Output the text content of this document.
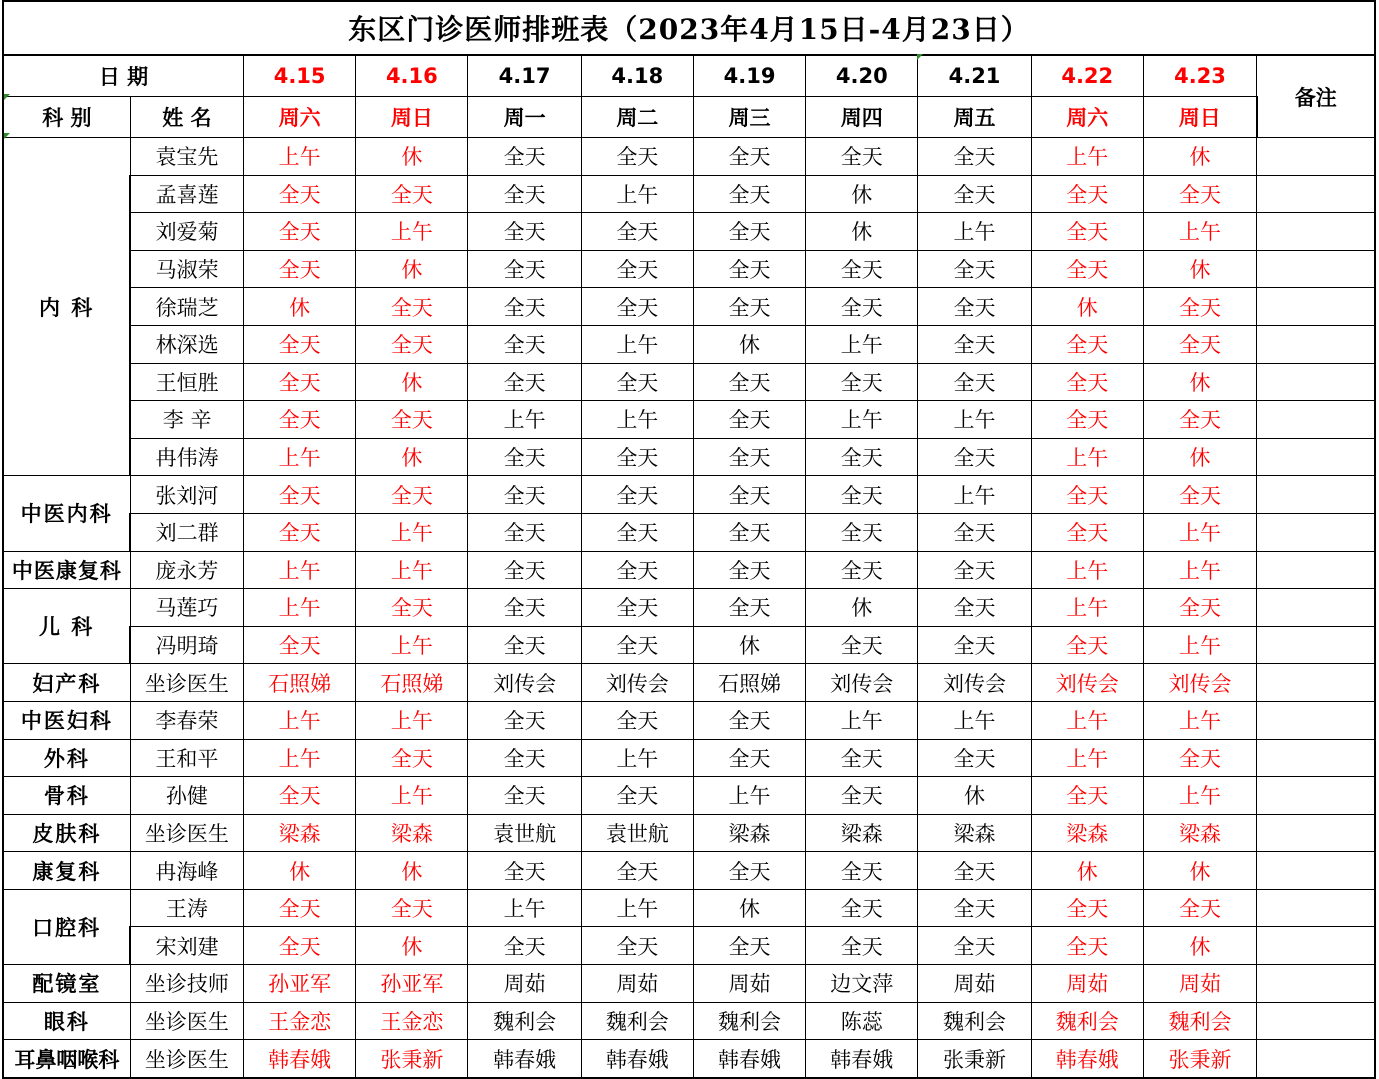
东区门诊医师排班表（2023年4月15日-4月23日）
日 期		4.15	4.16	4.17	4.18	4.19	4.20	4.21	4.22	4.23	备注
科 别	姓 名	周六	周日	周一	周二	周三	周四	周五	周六	周日	
内 科	袁宝先	上午	休	全天	全天	全天	全天	全天	上午	休	
	孟喜莲	全天	全天	全天	上午	全天	休	全天	全天	全天	
	刘爱菊	全天	上午	全天	全天	全天	休	上午	全天	上午	
	马淑荣	全天	休	全天	全天	全天	全天	全天	全天	休	
	徐瑞芝	休	全天	全天	全天	全天	全天	全天	休	全天	
	林深选	全天	全天	全天	上午	休	上午	全天	全天	全天	
	王恒胜	全天	休	全天	全天	全天	全天	全天	全天	休	
	李 辛	全天	全天	上午	上午	全天	上午	上午	全天	全天	
	冉伟涛	上午	休	全天	全天	全天	全天	全天	上午	休	
中医内科	张刘河	全天	全天	全天	全天	全天	全天	上午	全天	全天	
	刘二群	全天	上午	全天	全天	全天	全天	全天	全天	上午	
中医康复科	庞永芳	上午	上午	全天	全天	全天	全天	全天	上午	上午	
儿 科	马莲巧	上午	全天	全天	全天	全天	休	全天	上午	全天	
	冯明琦	全天	上午	全天	全天	休	全天	全天	全天	上午	
妇产科	坐诊医生	石照娣	石照娣	刘传会	刘传会	石照娣	刘传会	刘传会	刘传会	刘传会	
中医妇科	李春荣	上午	上午	全天	全天	全天	上午	上午	上午	上午	
外科	王和平	上午	全天	全天	上午	全天	全天	全天	上午	全天	
骨科	孙健	全天	上午	全天	全天	上午	全天	休	全天	上午	
皮肤科	坐诊医生	梁森	梁森	袁世航	袁世航	梁森	梁森	梁森	梁森	梁森	
康复科	冉海峰	休	休	全天	全天	全天	全天	全天	休	休	
口腔科	王涛	全天	全天	上午	上午	休	全天	全天	全天	全天	
	宋刘建	全天	休	全天	全天	全天	全天	全天	全天	休	
配镜室	坐诊技师	孙亚军	孙亚军	周茹	周茹	周茹	边文萍	周茹	周茹	周茹	
眼科	坐诊医生	王金恋	王金恋	魏利会	魏利会	魏利会	陈蕊	魏利会	魏利会	魏利会	
耳鼻咽喉科	坐诊医生	韩春娥	张秉新	韩春娥	韩春娥	韩春娥	韩春娥	张秉新	韩春娥	张秉新	
